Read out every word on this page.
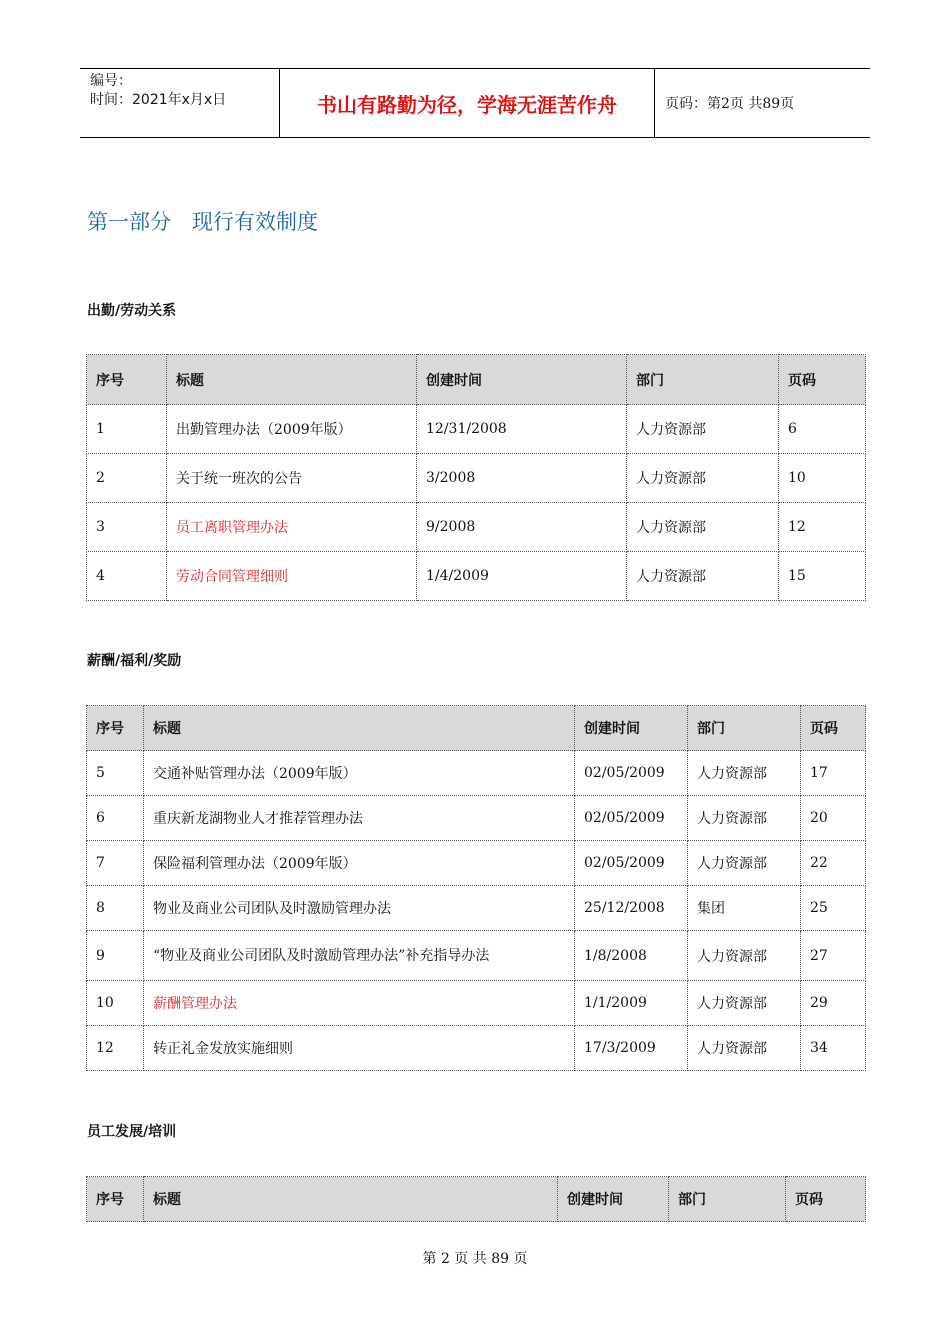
编号：
时间：2021年x月x日	书山有路勤为径，学海无涯苦作舟	页码：第2页 共89页
第一部分　现行有效制度
出勤/劳动关系
序号	标题	创建时间	部门	页码
1	出勤管理办法（2009年版）	12/31/2008	人力资源部	6
2	关于统一班次的公告	3/2008	人力资源部	10
3	员工离职管理办法	9/2008	人力资源部	12
4	劳动合同管理细则	1/4/2009	人力资源部	15
薪酬/福利/奖励
序号	标题	创建时间	部门	页码
5	交通补贴管理办法（2009年版）	02/05/2009	人力资源部	17
6	重庆新龙湖物业人才推荐管理办法	02/05/2009	人力资源部	20
7	保险福利管理办法（2009年版）	02/05/2009	人力资源部	22
8	物业及商业公司团队及时激励管理办法	25/12/2008	集团	25
9	“物业及商业公司团队及时激励管理办法”补充指导办法	1/8/2008	人力资源部	27
10	薪酬管理办法	1/1/2009	人力资源部	29
12	转正礼金发放实施细则	17/3/2009	人力资源部	34
员工发展/培训
序号	标题	创建时间	部门	页码
第 2 页 共 89 页
